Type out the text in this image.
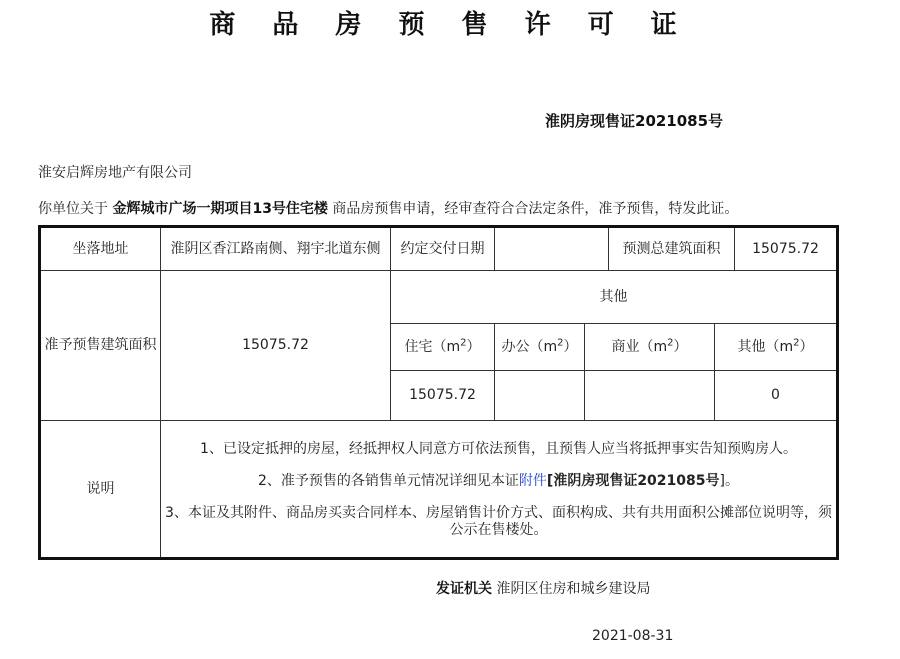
商 品 房 预 售 许 可 证
淮阴房现售证2021085号
淮安启辉房地产有限公司
你单位关于 金辉城市广场一期项目13号住宅楼 商品房预售申请，经审查符合合法定条件，准予预售，特发此证。
坐落地址	淮阴区香江路南侧、翔宇北道东侧	约定交付日期			预测总建筑面积		15075.72
准予预售建筑面积	15075.72	其他					
		住宅$(m^2)$	办公$(m^2)$	商业$(m^2)$		其他$(m^2)$	
		15075.72				0	
说明	1、已设定抵押的房屋，经抵押权人同意方可依法预售，且预售人应当将抵押事实告知预购房人。
2、准予预售的各销售单元情况详细见本证附件[淮阴房现售证2021085号]。
3、本证及其附件、商品房买卖合同样本、房屋销售计价方式、面积构成、共有共用面积公摊部位说明等，须公示在售楼处。						
发证机关 淮阴区住房和城乡建设局
2021-08-31
